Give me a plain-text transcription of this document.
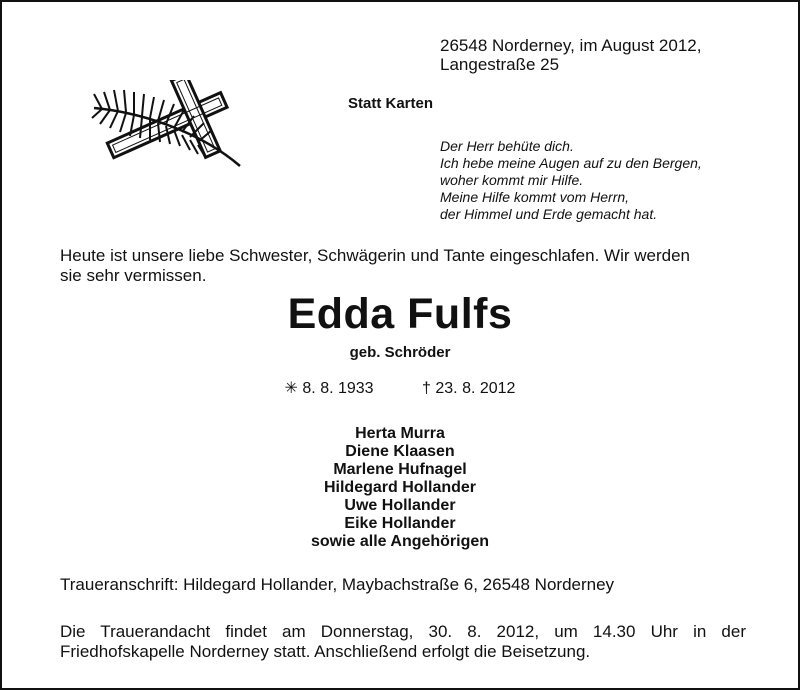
26548 Norderney, im August 2012,
Langestraße 25
Statt Karten
Der Herr behüte dich.
Ich hebe meine Augen auf zu den Bergen,
woher kommt mir Hilfe.
Meine Hilfe kommt vom Herrn,
der Himmel und Erde gemacht hat.
Heute ist unsere liebe Schwester, Schwägerin und Tante eingeschlafen. Wir werden
sie sehr vermissen.
Edda Fulfs
geb. Schröder
✳ 8. 8. 1933	† 23. 8. 2012
Herta Murra
Diene Klaasen
Marlene Hufnagel
Hildegard Hollander
Uwe Hollander
Eike Hollander
sowie alle Angehörigen
Traueranschrift: Hildegard Hollander, Maybachstraße 6, 26548 Norderney
Die Trauerandacht findet am Donnerstag, 30. 8. 2012, um 14.30 Uhr in der
Friedhofskapelle Norderney statt. Anschließend erfolgt die Beisetzung.
